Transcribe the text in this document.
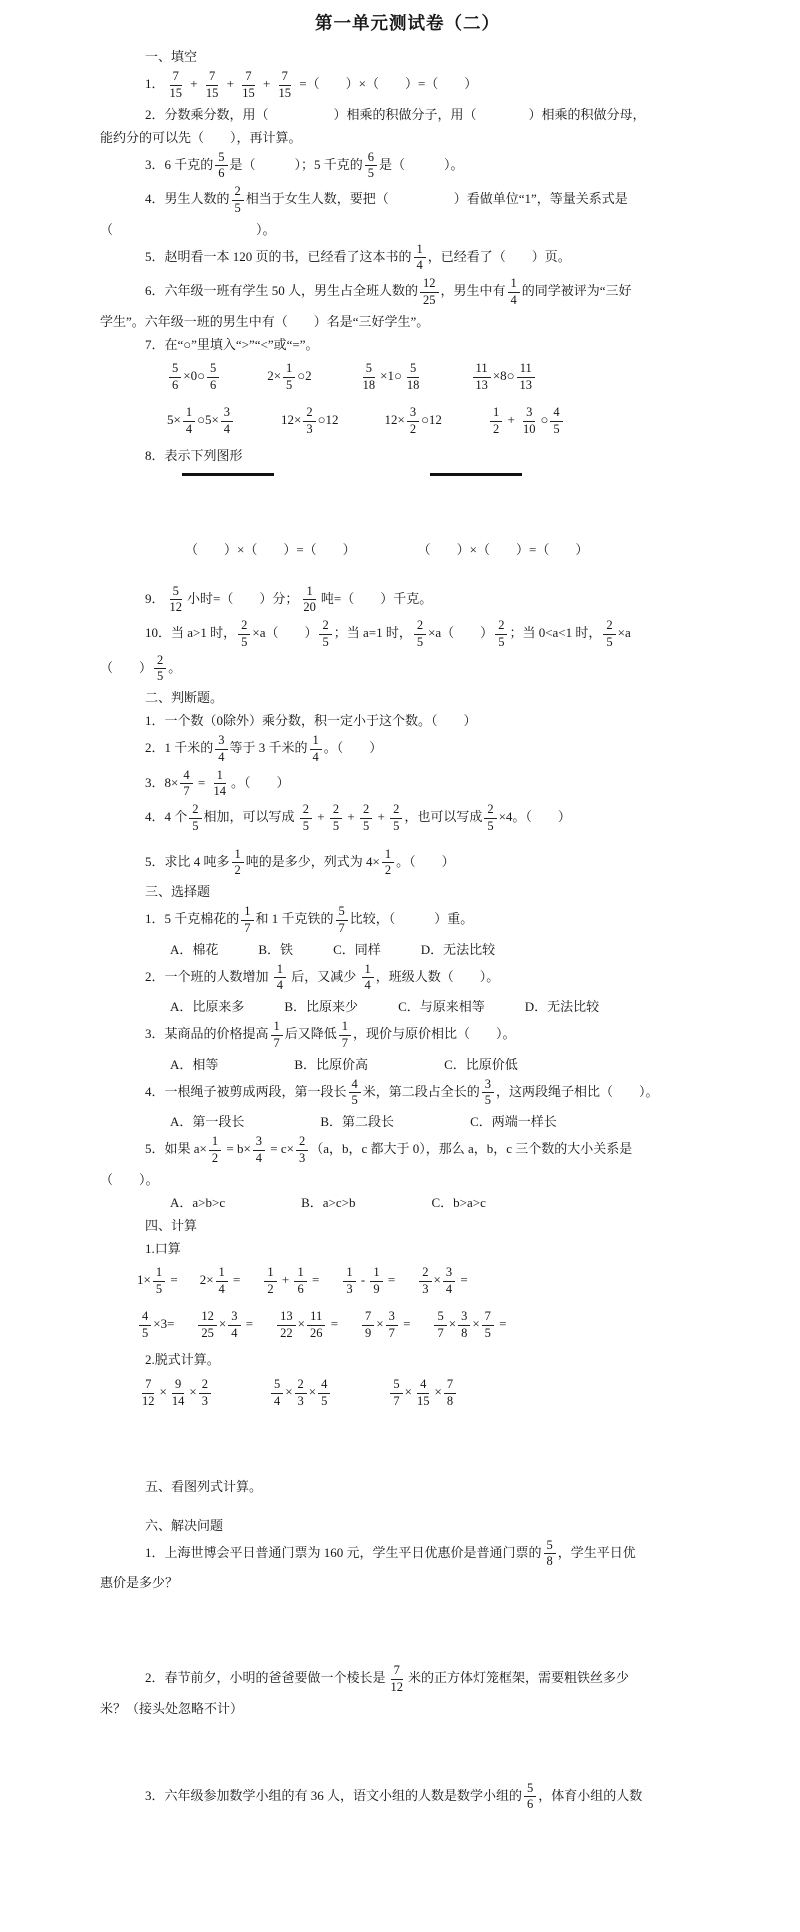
第一单元测试卷（二）
一、填空
1． $\frac{7}{15} + \frac{7}{15} + \frac{7}{15} + \frac{7}{15}$ =（　　）×（　　）=（　　）
2．分数乘分数，用（　　　　　）相乘的积做分子，用（　　　　）相乘的积做分母，
能约分的可以先（　　），再计算。
3．6 千克的 $\frac{5}{6}$ 是（　　　）；5 千克的 $\frac{6}{5}$ 是（　　　）。
4．男生人数的 $\frac{2}{5}$ 相当于女生人数，要把（　　　　　）看做单位“1”，等量关系式是
（　　　　　　　　　　　）。
5．赵明看一本 120 页的书，已经看了这本书的 $\frac{1}{4}$ ，已经看了（　　）页。
6．六年级一班有学生 50 人，男生占全班人数的 $\frac{12}{25}$ ，男生中有 $\frac{1}{4}$ 的同学被评为“三好
学生”。六年级一班的男生中有（　　）名是“三好学生”。
7．在“○”里填入“>”“<”或“=”。
$\frac{5}{6}$ ×0○ $\frac{5}{6}$	$2\times \frac{1}{5}$ ○2	$\frac{5}{18}$ ×1○ $\frac{5}{18}$	$\frac{11}{13}$ ×8○ $\frac{11}{13}$
$5\times \frac{1}{4}$ ○5× $\frac{3}{4}$	$12\times \frac{2}{3}$ ○12	$12\times \frac{3}{2}$ ○12	$\frac{1}{2} + \frac{3}{10}$ ○ $\frac{4}{5}$
8．表示下列图形
（　　）×（　　）=（　　）	（　　）×（　　）=（　　）
9． $\frac{5}{12}$ 小时=（　　）分； $\frac{1}{20}$ 吨=（　　）千克。
10．当 a>1 时， $\frac{2}{5} \times a$（　　） $\frac{2}{5}$ ；当 a=1 时， $\frac{2}{5} \times a$（　　） $\frac{2}{5}$ ；当 0<a<1 时， $\frac{2}{5} \times a$
（　　） $\frac{2}{5}$ 。
二、判断题。
1．一个数（0除外）乘分数，积一定小于这个数。（　　）
2．1 千米的 $\frac{3}{4}$ 等于 3 千米的 $\frac{1}{4}$ 。（　　）
3．$8\times \frac{4}{7} = \frac{1}{14}$ 。（　　）
4．4 个 $\frac{2}{5}$ 相加，可以写成 $\frac{2}{5} + \frac{2}{5} + \frac{2}{5} + \frac{2}{5}$ ，也可以写成 $\frac{2}{5} \times 4$。（　　）
5．求比 4 吨多 $\frac{1}{2}$ 吨的是多少，列式为 $4\times \frac{1}{2}$ 。（　　）
三、选择题
1．5 千克棉花的 $\frac{1}{7}$ 和 1 千克铁的 $\frac{5}{7}$ 比较，（　　　）重。
A．棉花	B．铁	C．同样	D．无法比较
2．一个班的人数增加 $\frac{1}{4}$ 后，又减少 $\frac{1}{4}$ ，班级人数（　　）。
A．比原来多	B．比原来少	C．与原来相等	D．无法比较
3．某商品的价格提高 $\frac{1}{7}$ 后又降低 $\frac{1}{7}$ ，现价与原价相比（　　）。
A．相等	B．比原价高	C．比原价低
4．一根绳子被剪成两段，第一段长 $\frac{4}{5}$ 米，第二段占全长的 $\frac{3}{5}$ ，这两段绳子相比（　　）。
A．第一段长	B．第二段长	C．两端一样长
5．如果 $a\times \frac{1}{2} = b\times \frac{3}{4} = c\times \frac{2}{3} (a$，b，c 都大于 0），那么 a，b，c 三个数的大小关系是
（　　）。
A．a>b>c	B．a>c>b	C．b>a>c
四、计算
1.口算
$1\times \frac{1}{5} = 2\times \frac{1}{4} = \frac{1}{2} + \frac{1}{6} = \frac{1}{3} - \frac{1}{9} = \frac{2}{3} \times \frac{3}{4}$ =
$\frac{4}{5} \times 3= \frac{12}{25} \times \frac{3}{4} = \frac{13}{22} \times \frac{11}{26} = \frac{7}{9} \times \frac{3}{7} = \frac{5}{7} \times \frac{3}{8} \times \frac{7}{5}$ =
2.脱式计算。
$\frac{7}{12} \times \frac{9}{14} \times \frac{2}{3}$	$\frac{5}{4} \times \frac{2}{3} \times \frac{4}{5}$	$\frac{5}{7} \times \frac{4}{15} \times \frac{7}{8}$
五、看图列式计算。
六、解决问题
1．上海世博会平日普通门票为 160 元，学生平日优惠价是普通门票的 $\frac{5}{8}$ ，学生平日优
惠价是多少？
2．春节前夕，小明的爸爸要做一个棱长是 $\frac{7}{12}$ 米的正方体灯笼框架，需要粗铁丝多少
米？（接头处忽略不计）
3．六年级参加数学小组的有 36 人，语文小组的人数是数学小组的 $\frac{5}{6}$ ，体育小组的人数
